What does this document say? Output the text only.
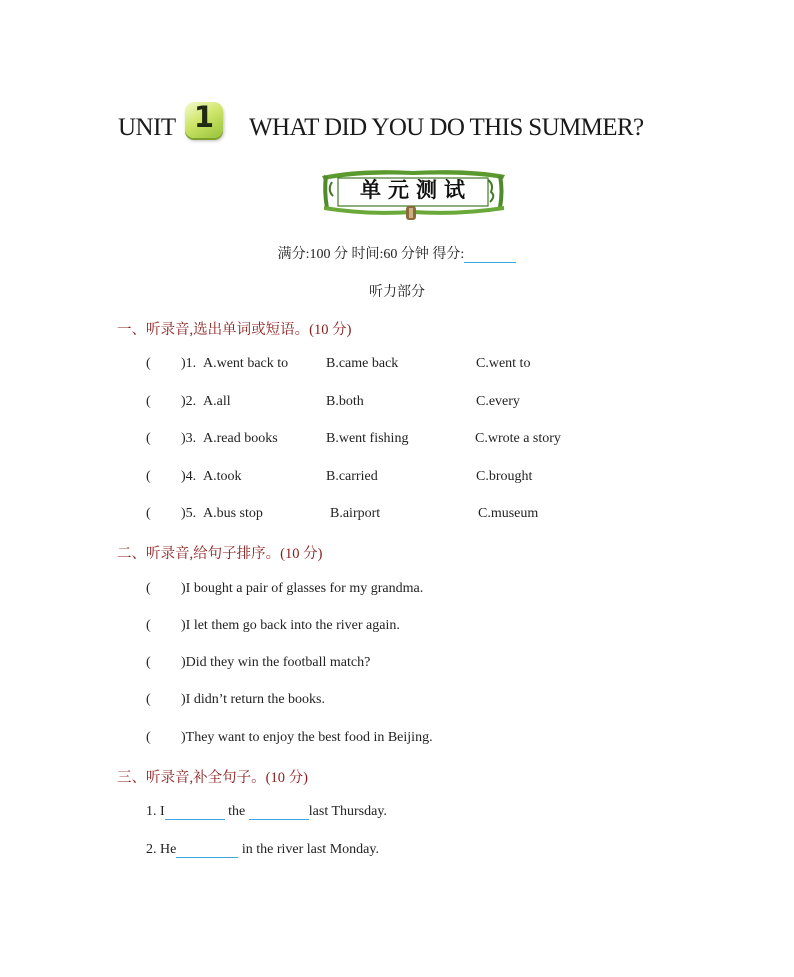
UNIT 1	WHAT DID YOU DO THIS SUMMER?
单元测试
满分:100 分 时间:60 分钟 得分:
听力部分
一、听录音,选出单词或短语。(10 分)
( )1. A.went back to	B.came back	C.went to
( )2. A.all	B.both	C.every
( )3. A.read books	B.went fishing	C.wrote a story
( )4. A.took	B.carried	C.brought
( )5. A.bus stop	B.airport	C.museum
二、听录音,给句子排序。(10 分)
( )I bought a pair of glasses for my grandma.
( )I let them go back into the river again.
( )Did they win the football match?
( )I didn’t return the books.
( )They want to enjoy the best food in Beijing.
三、听录音,补全句子。(10 分)
1. I	the	last Thursday.
2. He	in the river last Monday.
